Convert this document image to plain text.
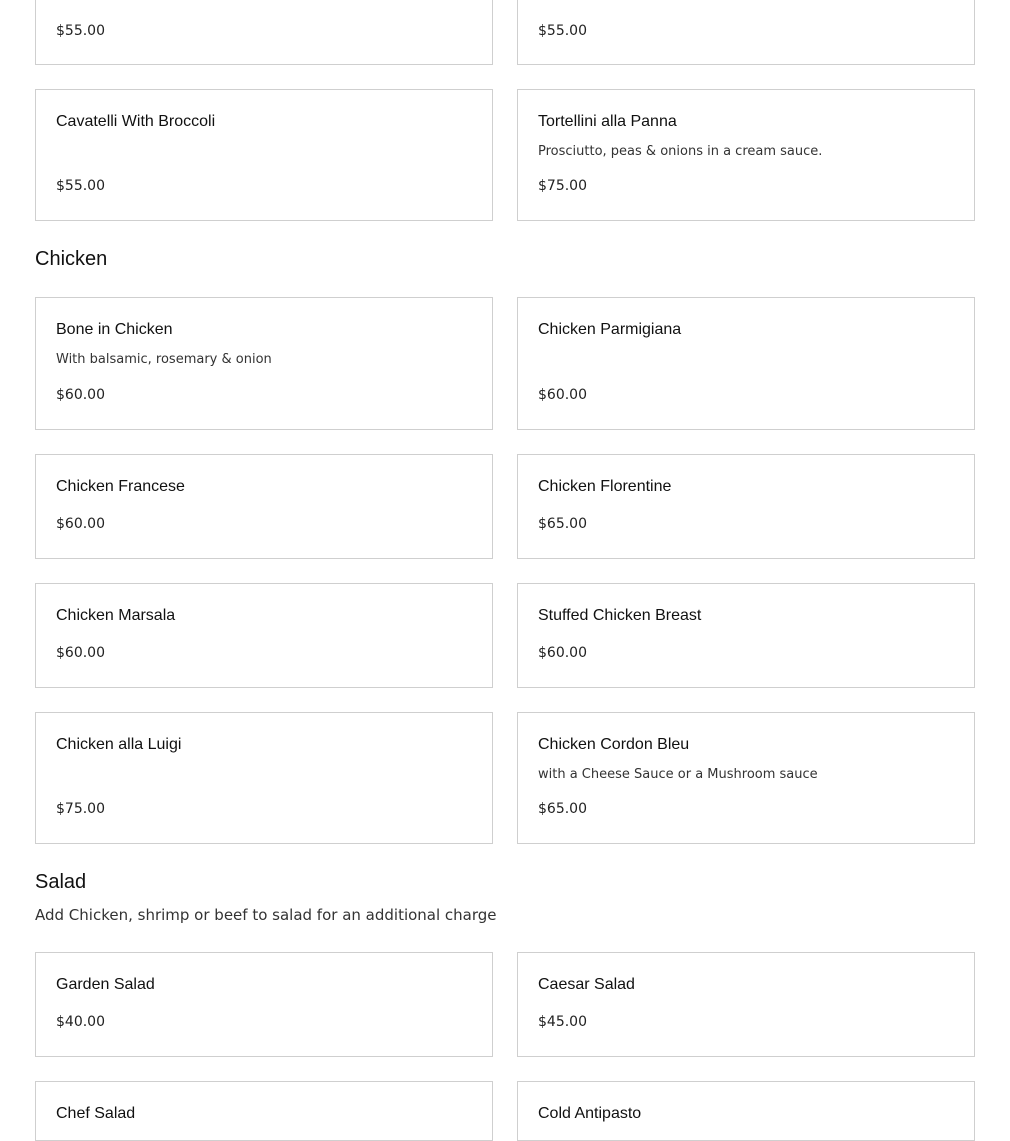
$55.00	$55.00
Cavatelli With Broccoli
$55.00
Tortellini alla Panna
Prosciutto, peas & onions in a cream sauce.
$75.00
Chicken
Bone in Chicken
With balsamic, rosemary & onion
$60.00
Chicken Parmigiana
$60.00
Chicken Francese
$60.00
Chicken Florentine
$65.00
Chicken Marsala
$60.00
Stuffed Chicken Breast
$60.00
Chicken alla Luigi
$75.00
Chicken Cordon Bleu
with a Cheese Sauce or a Mushroom sauce
$65.00
Salad
Add Chicken, shrimp or beef to salad for an additional charge
Garden Salad
$40.00
Caesar Salad
$45.00
Chef Salad	Cold Antipasto
